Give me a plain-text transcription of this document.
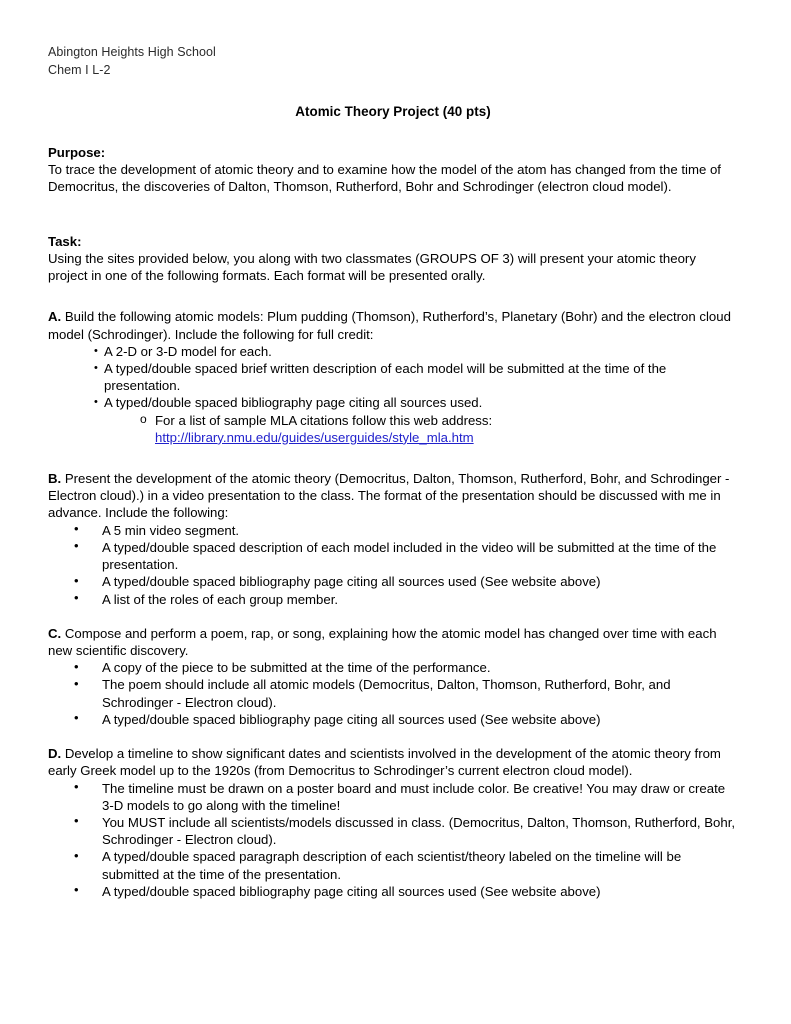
Abington Heights High School
Chem I L-2
Atomic Theory Project (40 pts)
Purpose:
To trace the development of atomic theory and to examine how the model of the atom has changed from the time of Democritus, the discoveries of Dalton, Thomson, Rutherford, Bohr and Schrodinger (electron cloud model).
Task:
Using the sites provided below, you along with two classmates (GROUPS OF 3) will present your atomic theory project in one of the following formats. Each format will be presented orally.
A. Build the following atomic models: Plum pudding (Thomson), Rutherford’s, Planetary (Bohr) and the electron cloud model (Schrodinger). Include the following for full credit:
• A 2-D or 3-D model for each.
• A typed/double spaced brief written description of each model will be submitted at the time of the presentation.
• A typed/double spaced bibliography page citing all sources used.
o For a list of sample MLA citations follow this web address:
http://library.nmu.edu/guides/userguides/style_mla.htm
B. Present the development of the atomic theory (Democritus, Dalton, Thomson, Rutherford, Bohr, and Schrodinger - Electron cloud).) in a video presentation to the class. The format of the presentation should be discussed with me in advance. Include the following:
• A 5 min video segment.
• A typed/double spaced description of each model included in the video will be submitted at the time of the presentation.
• A typed/double spaced bibliography page citing all sources used (See website above)
• A list of the roles of each group member.
C. Compose and perform a poem, rap, or song, explaining how the atomic model has changed over time with each new scientific discovery.
• A copy of the piece to be submitted at the time of the performance.
• The poem should include all atomic models (Democritus, Dalton, Thomson, Rutherford, Bohr, and Schrodinger - Electron cloud).
• A typed/double spaced bibliography page citing all sources used (See website above)
D. Develop a timeline to show significant dates and scientists involved in the development of the atomic theory from early Greek model up to the 1920s (from Democritus to Schrodinger’s current electron cloud model).
• The timeline must be drawn on a poster board and must include color. Be creative! You may draw or create 3-D models to go along with the timeline!
• You MUST include all scientists/models discussed in class. (Democritus, Dalton, Thomson, Rutherford, Bohr, Schrodinger - Electron cloud).
• A typed/double spaced paragraph description of each scientist/theory labeled on the timeline will be submitted at the time of the presentation.
• A typed/double spaced bibliography page citing all sources used (See website above)
